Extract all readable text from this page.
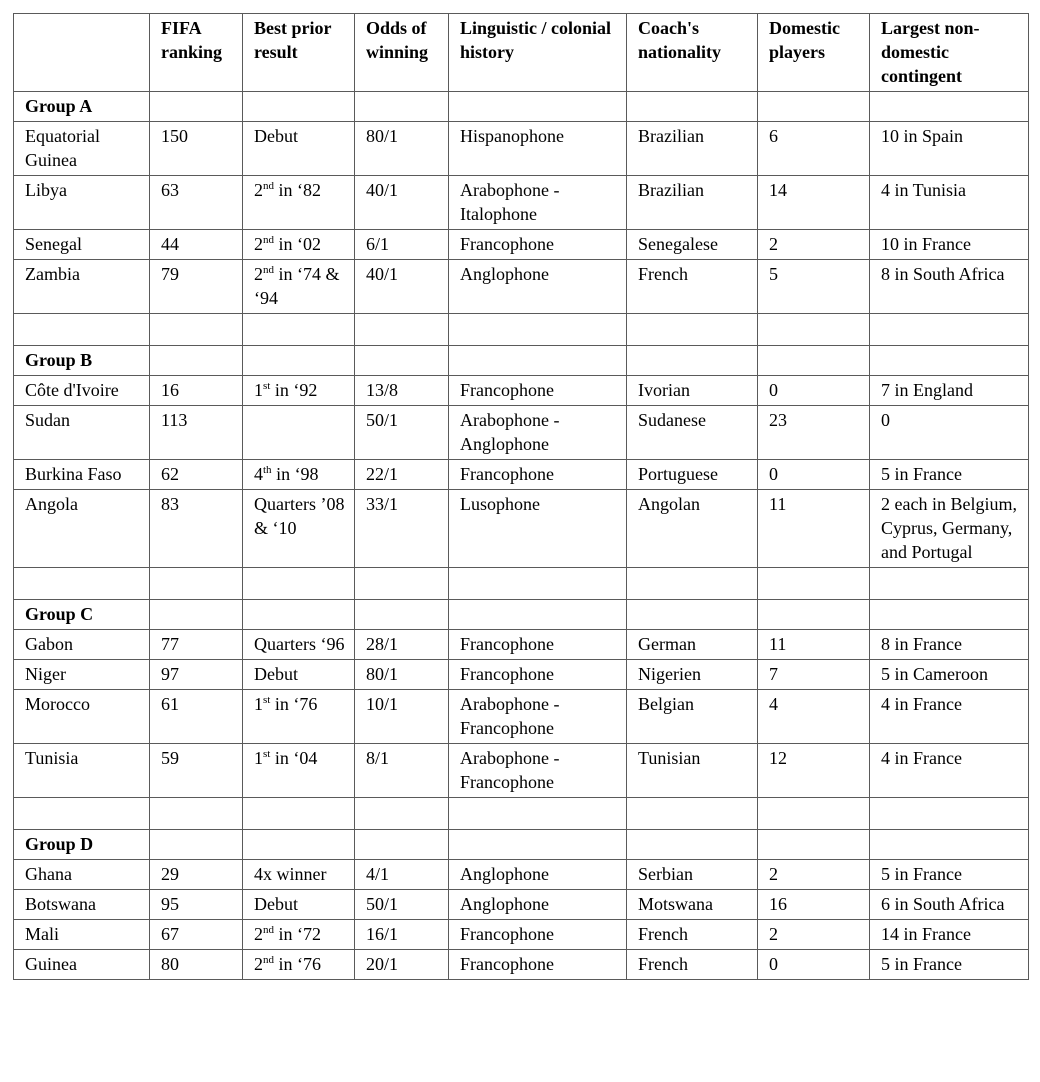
	FIFA ranking	Best prior result	Odds of winning	Linguistic / colonial history	Coach's nationality	Domestic players	Largest non-domestic contingent
Group A							
Equatorial Guinea	150	Debut	80/1	Hispanophone	Brazilian	6	10 in Spain
Libya	63	2nd in ‘82	40/1	Arabophone - Italophone	Brazilian	14	4 in Tunisia
Senegal	44	2nd in ‘02	6/1	Francophone	Senegalese	2	10 in France
Zambia	79	2nd in ‘74 & ‘94	40/1	Anglophone	French	5	8 in South Africa

Group B							
Côte d'Ivoire	16	1st in ‘92	13/8	Francophone	Ivorian	0	7 in England
Sudan	113		50/1	Arabophone - Anglophone	Sudanese	23	0
Burkina Faso	62	4th in ‘98	22/1	Francophone	Portuguese	0	5 in France
Angola	83	Quarters ’08 & ‘10	33/1	Lusophone	Angolan	11	2 each in Belgium, Cyprus, Germany, and Portugal

Group C							
Gabon	77	Quarters ‘96	28/1	Francophone	German	11	8 in France
Niger	97	Debut	80/1	Francophone	Nigerien	7	5 in Cameroon
Morocco	61	1st in ‘76	10/1	Arabophone - Francophone	Belgian	4	4 in France
Tunisia	59	1st in ‘04	8/1	Arabophone - Francophone	Tunisian	12	4 in France

Group D							
Ghana	29	4x winner	4/1	Anglophone	Serbian	2	5 in France
Botswana	95	Debut	50/1	Anglophone	Motswana	16	6 in South Africa
Mali	67	2nd in ‘72	16/1	Francophone	French	2	14 in France
Guinea	80	2nd in ‘76	20/1	Francophone	French	0	5 in France
